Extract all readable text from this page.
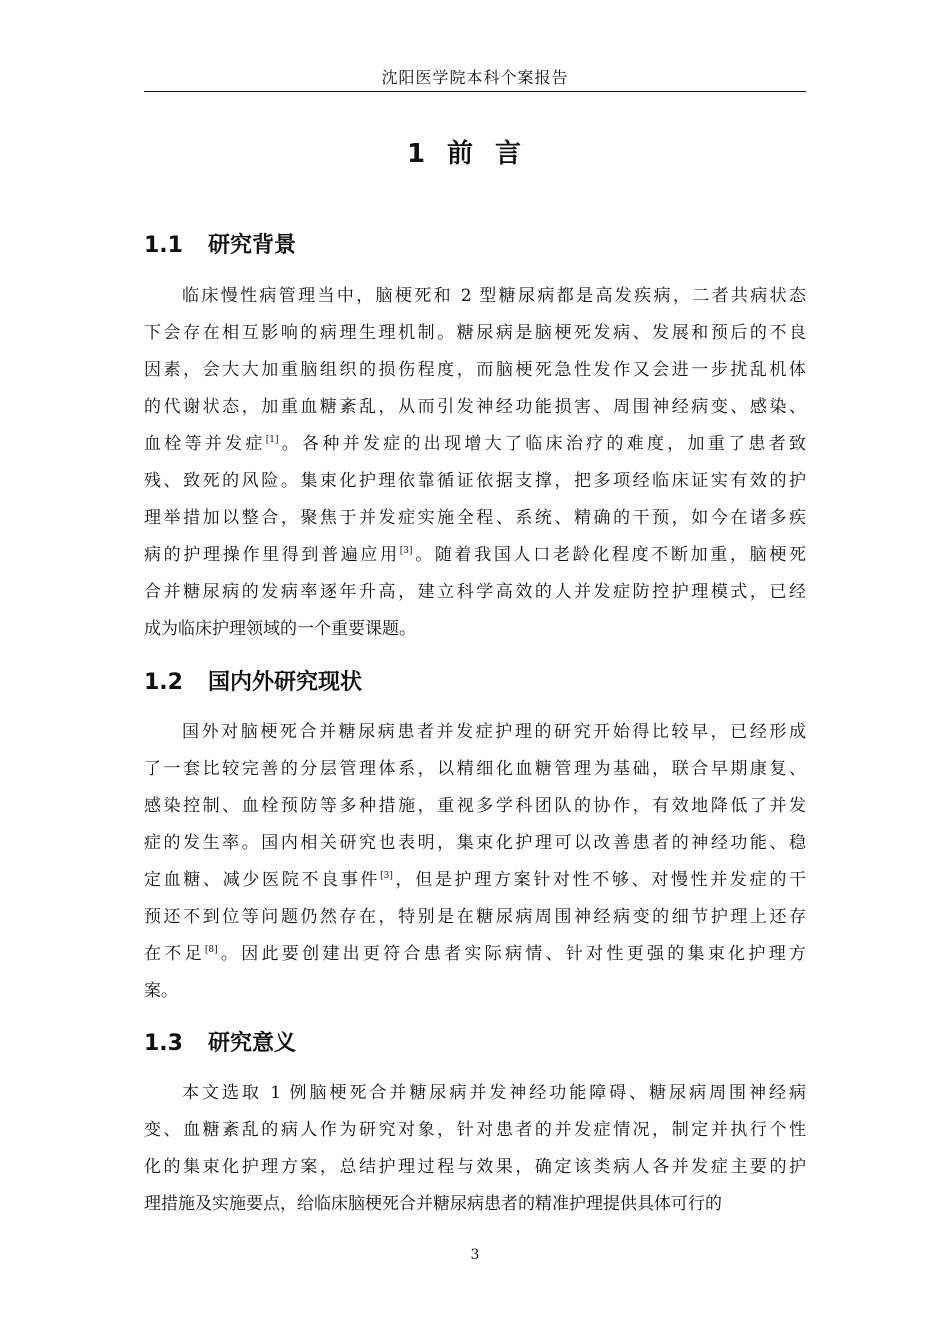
沈阳医学院本科个案报告
1 前言
1.1 研究背景
临床慢性病管理当中，脑梗死和 2 型糖尿病都是高发疾病，二者共病状态
下会存在相互影响的病理生理机制。糖尿病是脑梗死发病、发展和预后的不良
因素，会大大加重脑组织的损伤程度，而脑梗死急性发作又会进一步扰乱机体
的代谢状态，加重血糖紊乱，从而引发神经功能损害、周围神经病变、感染、
血栓等并发症[1]。各种并发症的出现增大了临床治疗的难度，加重了患者致
残、致死的风险。集束化护理依靠循证依据支撑，把多项经临床证实有效的护
理举措加以整合，聚焦于并发症实施全程、系统、精确的干预，如今在诸多疾
病的护理操作里得到普遍应用[3]。随着我国人口老龄化程度不断加重，脑梗死
合并糖尿病的发病率逐年升高，建立科学高效的人并发症防控护理模式，已经
成为临床护理领域的一个重要课题。
1.2 国内外研究现状
国外对脑梗死合并糖尿病患者并发症护理的研究开始得比较早，已经形成
了一套比较完善的分层管理体系，以精细化血糖管理为基础，联合早期康复、
感染控制、血栓预防等多种措施，重视多学科团队的协作，有效地降低了并发
症的发生率。国内相关研究也表明，集束化护理可以改善患者的神经功能、稳
定血糖、减少医院不良事件[3]，但是护理方案针对性不够、对慢性并发症的干
预还不到位等问题仍然存在，特别是在糖尿病周围神经病变的细节护理上还存
在不足[8]。因此要创建出更符合患者实际病情、针对性更强的集束化护理方
案。
1.3 研究意义
本文选取 1 例脑梗死合并糖尿病并发神经功能障碍、糖尿病周围神经病
变、血糖紊乱的病人作为研究对象，针对患者的并发症情况，制定并执行个性
化的集束化护理方案，总结护理过程与效果，确定该类病人各并发症主要的护
理措施及实施要点，给临床脑梗死合并糖尿病患者的精准护理提供具体可行的
3
